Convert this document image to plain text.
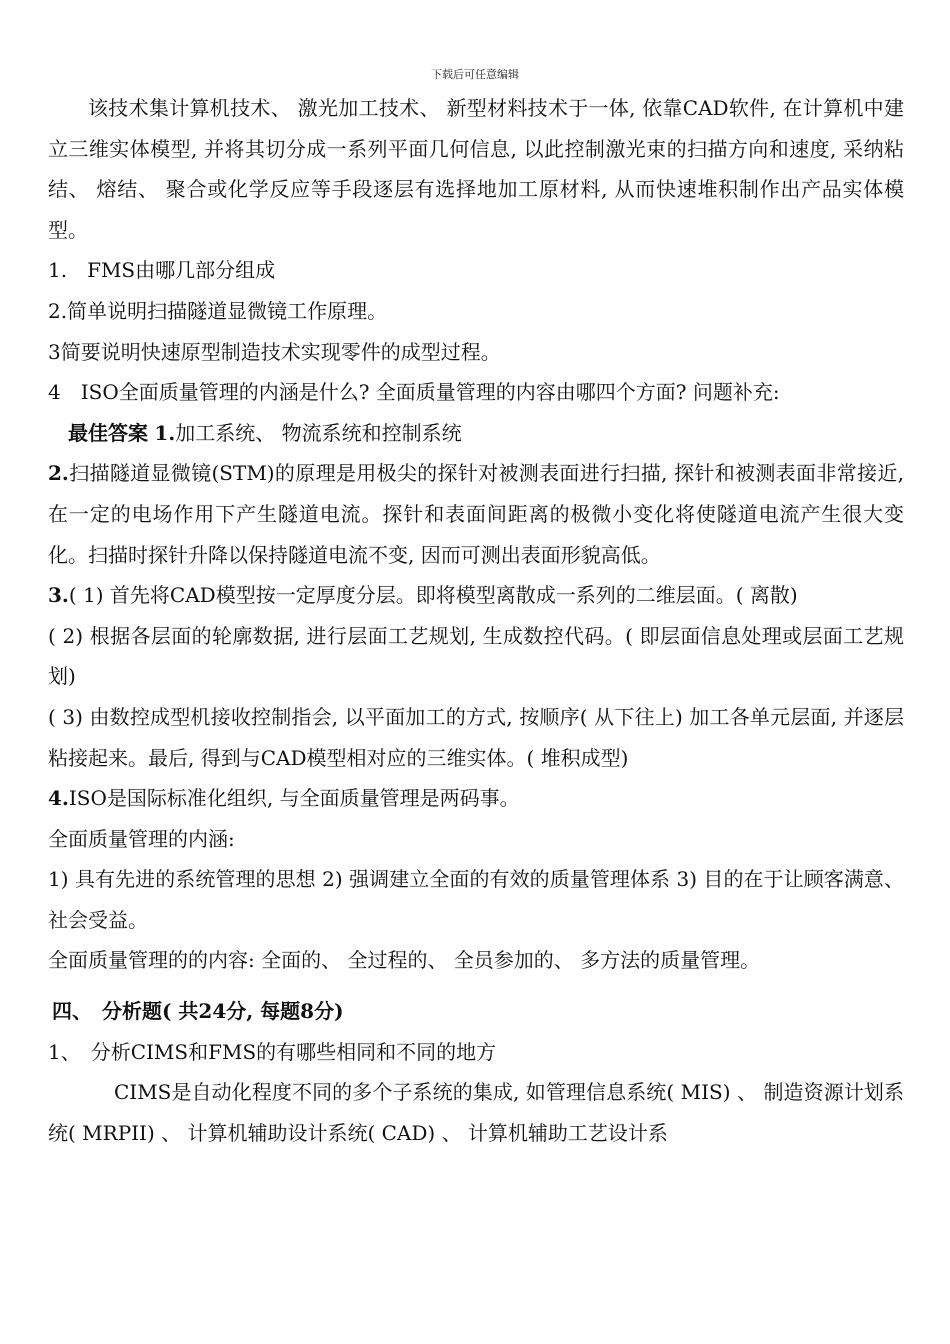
下载后可任意编辑

该技术集计算机技术、 激光加工技术、 新型材料技术于一体, 依靠CAD软件, 在计算机中建立三维实体模型, 并将其切分成一系列平面几何信息, 以此控制激光束的扫描方向和速度, 采纳粘结、 熔结、 聚合或化学反应等手段逐层有选择地加工原材料, 从而快速堆积制作出产品实体模型。

1.　FMS由哪几部分组成

2.简单说明扫描隧道显微镜工作原理。

3简要说明快速原型制造技术实现零件的成型过程。

4　ISO全面质量管理的内涵是什么? 全面质量管理的内容由哪四个方面? 问题补充:

最佳答案 1.加工系统、 物流系统和控制系统

2.扫描隧道显微镜(STM)的原理是用极尖的探针对被测表面进行扫描, 探针和被测表面非常接近, 在一定的电场作用下产生隧道电流。探针和表面间距离的极微小变化将使隧道电流产生很大变化。扫描时探针升降以保持隧道电流不变, 因而可测出表面形貌高低。

3.( 1) 首先将CAD模型按一定厚度分层。即将模型离散成一系列的二维层面。( 离散)

( 2) 根据各层面的轮廓数据, 进行层面工艺规划, 生成数控代码。( 即层面信息处理或层面工艺规划)

( 3) 由数控成型机接收控制指会, 以平面加工的方式, 按顺序( 从下往上) 加工各单元层面, 并逐层粘接起来。最后, 得到与CAD模型相对应的三维实体。( 堆积成型)

4.ISO是国际标准化组织, 与全面质量管理是两码事。

全面质量管理的内涵:

1) 具有先进的系统管理的思想 2) 强调建立全面的有效的质量管理体系 3) 目的在于让顾客满意、 社会受益。

全面质量管理的的内容: 全面的、 全过程的、 全员参加的、 多方法的质量管理。

四、　分析题( 共24分, 每题8分)

1、　分析CIMS和FMS的有哪些相同和不同的地方

CIMS是自动化程度不同的多个子系统的集成, 如管理信息系统( MIS) 、 制造资源计划系统( MRPII) 、 计算机辅助设计系统( CAD) 、 计算机辅助工艺设计系
